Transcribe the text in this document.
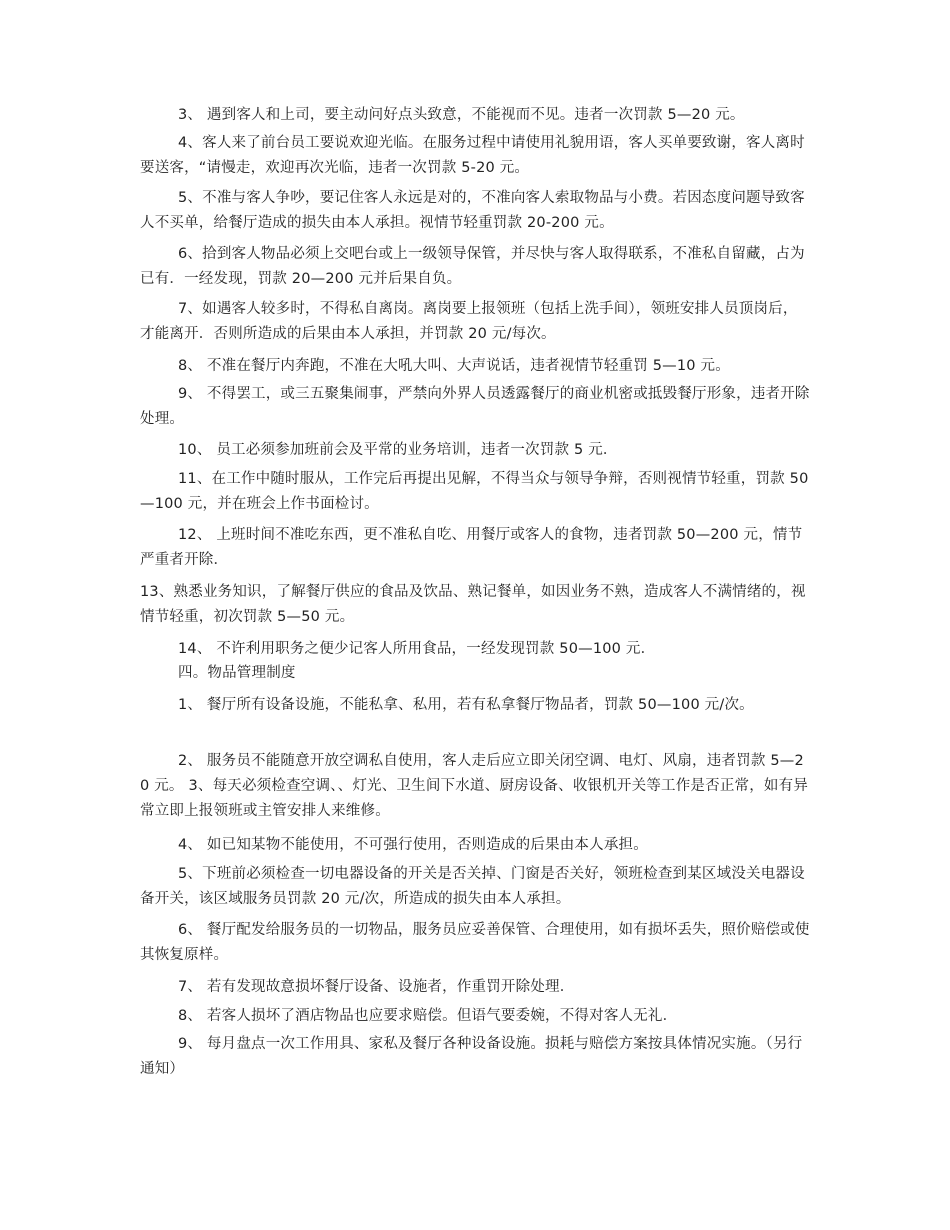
3、 遇到客人和上司，要主动问好点头致意，不能视而不见。违者一次罚款 5—20 元。
4、客人来了前台员工要说欢迎光临。在服务过程中请使用礼貌用语，客人买单要致谢，客人离时要送客，“请慢走，欢迎再次光临，违者一次罚款 5-20 元。
5、不准与客人争吵，要记住客人永远是对的，不准向客人索取物品与小费。若因态度问题导致客人不买单，给餐厅造成的损失由本人承担。视情节轻重罚款 20-200 元。
6、拾到客人物品必须上交吧台或上一级领导保管，并尽快与客人取得联系，不准私自留藏，占为已有．一经发现，罚款 20—200 元并后果自负。
7、如遇客人较多时，不得私自离岗。离岗要上报领班（包括上洗手间），领班安排人员顶岗后，才能离开．否则所造成的后果由本人承担，并罚款 20 元/每次。
8、 不准在餐厅内奔跑，不准在大吼大叫、大声说话，违者视情节轻重罚 5—10 元。
9、 不得罢工，或三五聚集闹事，严禁向外界人员透露餐厅的商业机密或抵毁餐厅形象，违者开除处理。
10、 员工必须参加班前会及平常的业务培训，违者一次罚款 5 元．
11、在工作中随时服从，工作完后再提出见解，不得当众与领导争辩，否则视情节轻重，罚款 50—100 元，并在班会上作书面检讨。
12、 上班时间不准吃东西，更不准私自吃、用餐厅或客人的食物，违者罚款 50—200 元，情节严重者开除．
13、熟悉业务知识，了解餐厅供应的食品及饮品、熟记餐单，如因业务不熟，造成客人不满情绪的，视情节轻重，初次罚款 5—50 元。
14、 不许利用职务之便少记客人所用食品，一经发现罚款 50—100 元．
四。物品管理制度
1、 餐厅所有设备设施，不能私拿、私用，若有私拿餐厅物品者，罚款 50—100 元/次。
2、 服务员不能随意开放空调私自使用，客人走后应立即关闭空调、电灯、风扇，违者罚款 5—20 元。 3、每天必须检查空调、、灯光、卫生间下水道、厨房设备、收银机开关等工作是否正常，如有异常立即上报领班或主管安排人来维修。
4、 如已知某物不能使用，不可强行使用，否则造成的后果由本人承担。
5、下班前必须检查一切电器设备的开关是否关掉、门窗是否关好，领班检查到某区域没关电器设备开关，该区域服务员罚款 20 元/次，所造成的损失由本人承担。
6、 餐厅配发给服务员的一切物品，服务员应妥善保管、合理使用，如有损坏丢失，照价赔偿或使其恢复原样。
7、 若有发现故意损坏餐厅设备、设施者，作重罚开除处理．
8、 若客人损坏了酒店物品也应要求赔偿。但语气要委婉，不得对客人无礼．
9、 每月盘点一次工作用具、家私及餐厅各种设备设施。损耗与赔偿方案按具体情况实施。（另行通知）
